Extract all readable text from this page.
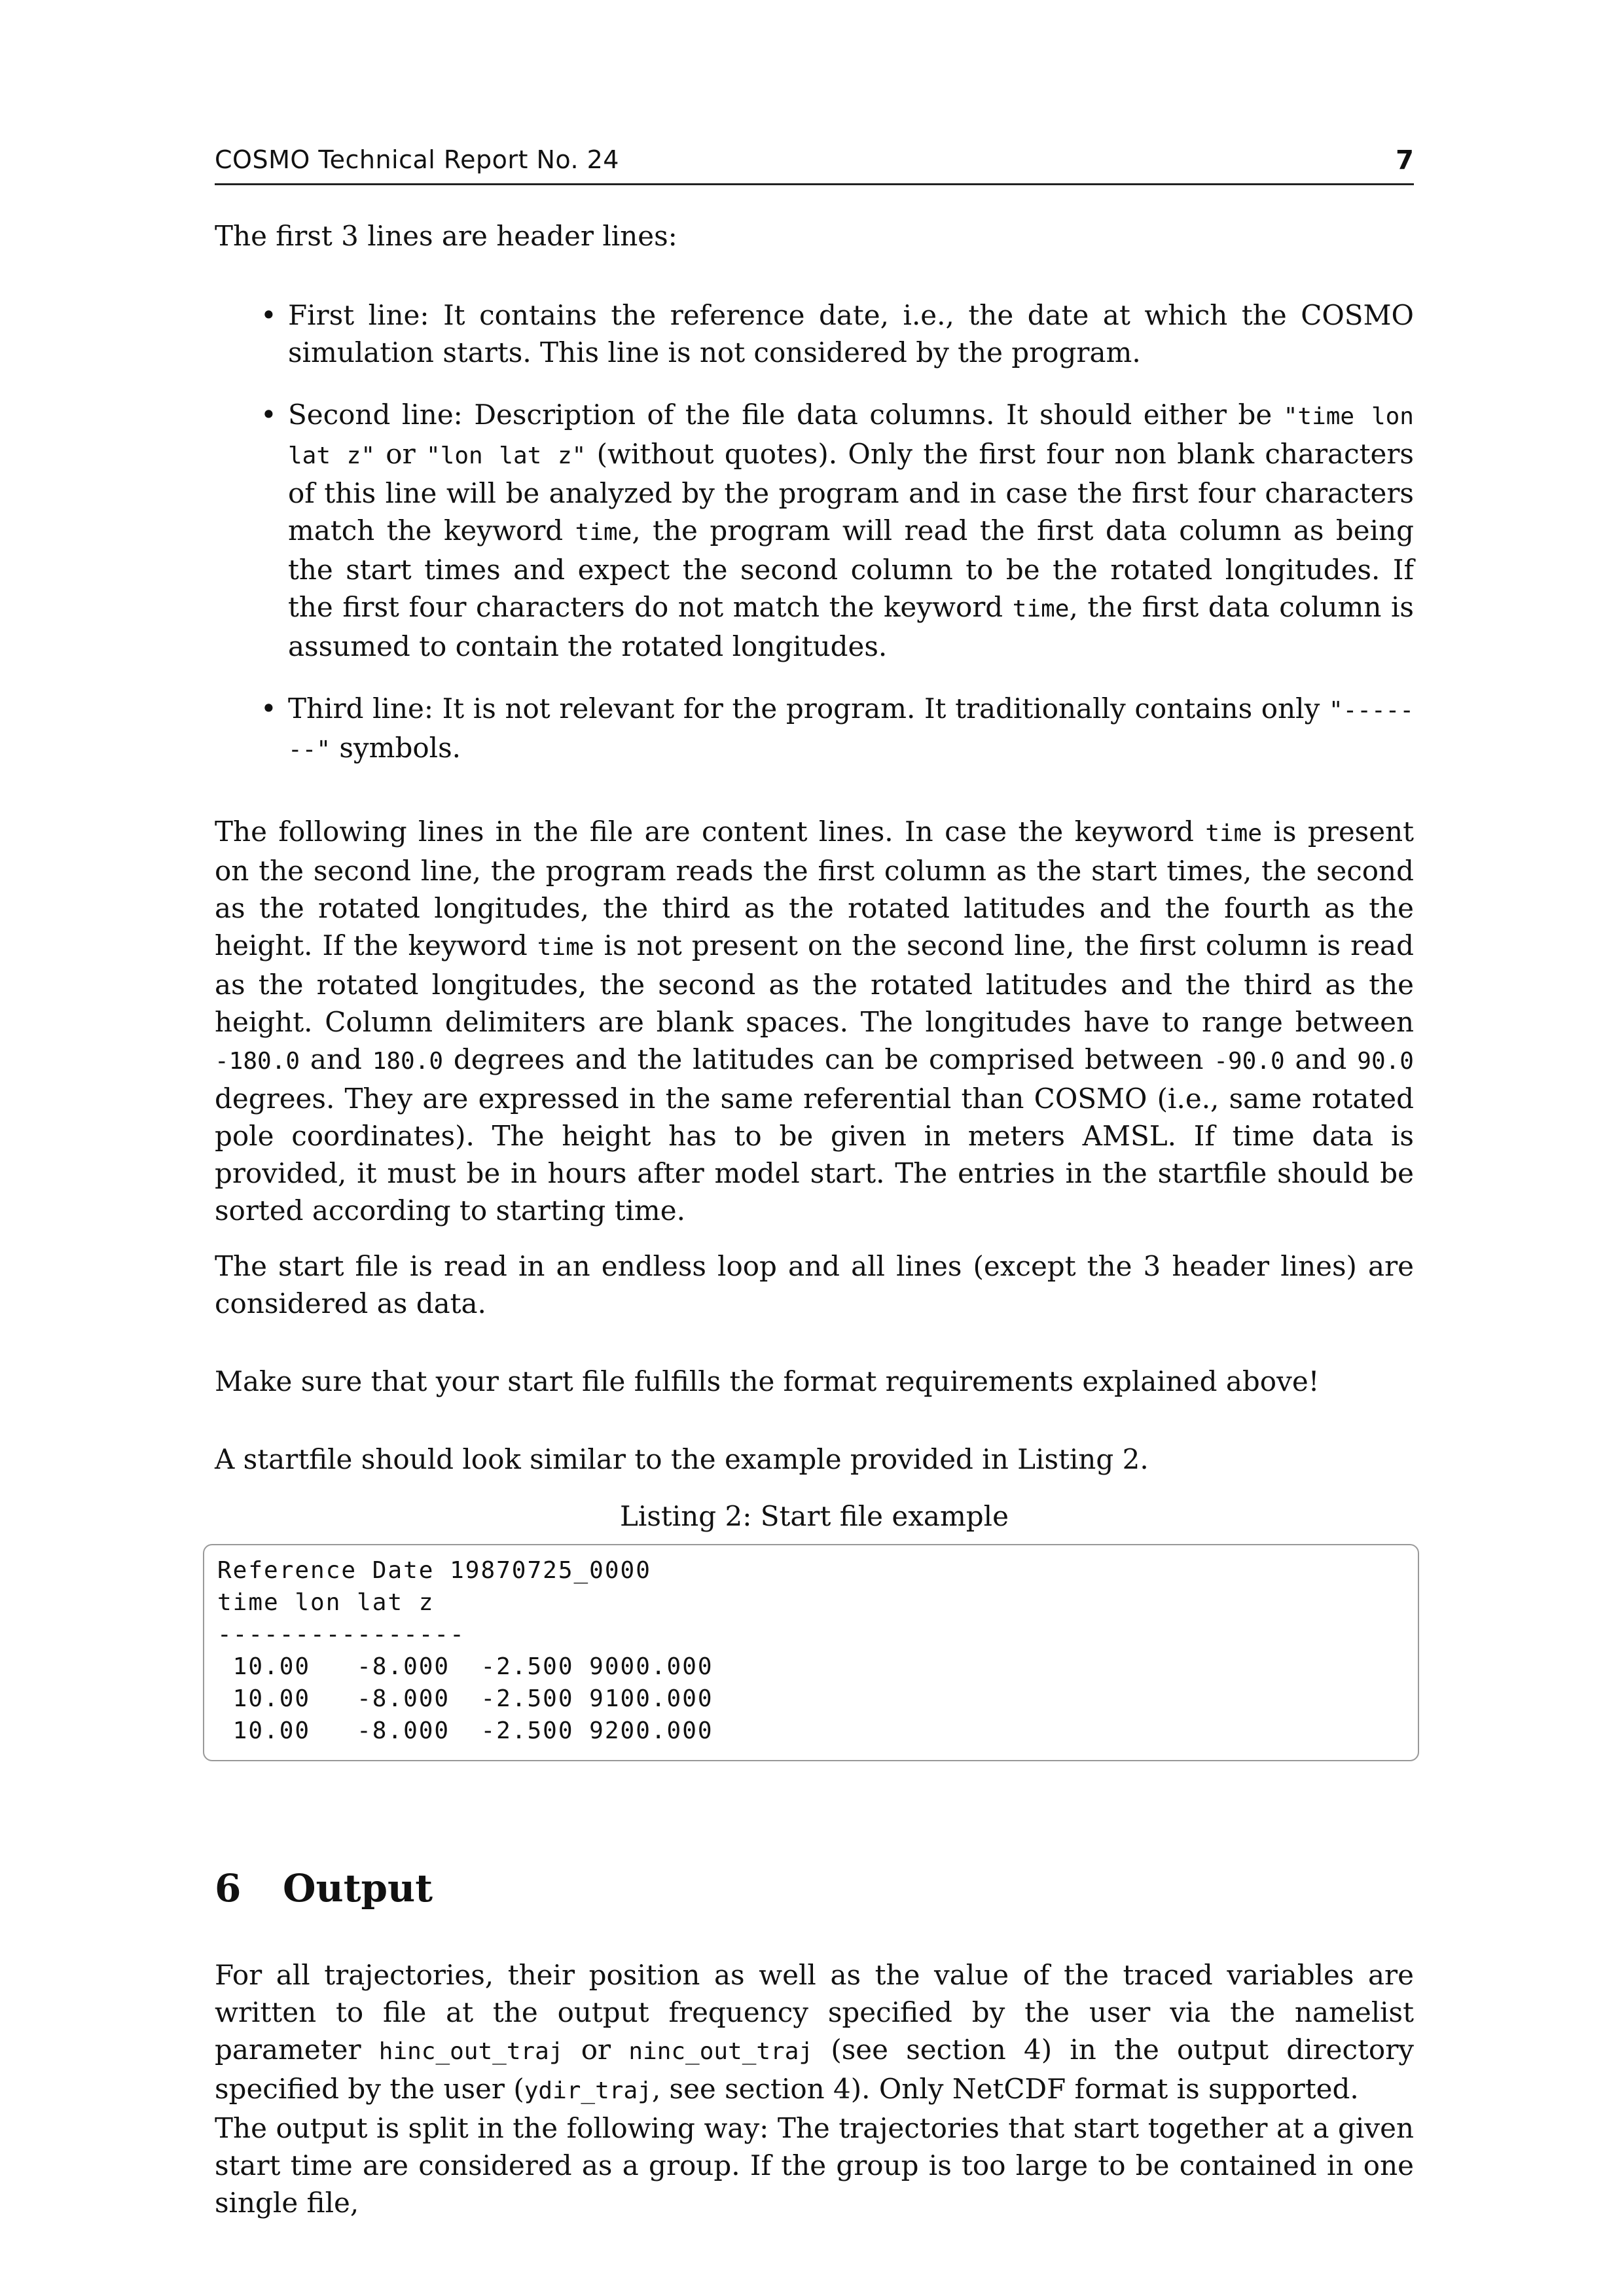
COSMO Technical Report No. 24	7

The first 3 lines are header lines:

• First line: It contains the reference date, i.e., the date at which the COSMO simulation starts. This line is not considered by the program.
• Second line: Description of the file data columns. It should either be "time lon lat z" or "lon lat z" (without quotes). Only the first four non blank characters of this line will be analyzed by the program and in case the first four characters match the keyword time, the program will read the first data column as being the start times and expect the second column to be the rotated longitudes. If the first four characters do not match the keyword time, the first data column is assumed to contain the rotated longitudes.
• Third line: It is not relevant for the program. It traditionally contains only "-------" symbols.

The following lines in the file are content lines. In case the keyword time is present on the second line, the program reads the first column as the start times, the second as the rotated longitudes, the third as the rotated latitudes and the fourth as the height. If the keyword time is not present on the second line, the first column is read as the rotated longitudes, the second as the rotated latitudes and the third as the height. Column delimiters are blank spaces. The longitudes have to range between -180.0 and 180.0 degrees and the latitudes can be comprised between -90.0 and 90.0 degrees. They are expressed in the same referential than COSMO (i.e., same rotated pole coordinates). The height has to be given in meters AMSL. If time data is provided, it must be in hours after model start. The entries in the startfile should be sorted according to starting time.

The start file is read in an endless loop and all lines (except the 3 header lines) are considered as data.

Make sure that your start file fulfills the format requirements explained above!

A startfile should look similar to the example provided in Listing 2.

Listing 2: Start file example
Reference Date 19870725_0000
time lon lat z
----------------
10.00   -8.000  -2.500 9000.000
10.00   -8.000  -2.500 9100.000
10.00   -8.000  -2.500 9200.000
6 Output

For all trajectories, their position as well as the value of the traced variables are written to file at the output frequency specified by the user via the namelist parameter hinc_out_traj or ninc_out_traj (see section 4) in the output directory specified by the user (ydir_traj, see section 4). Only NetCDF format is supported.

The output is split in the following way: The trajectories that start together at a given start time are considered as a group. If the group is too large to be contained in one single file,
